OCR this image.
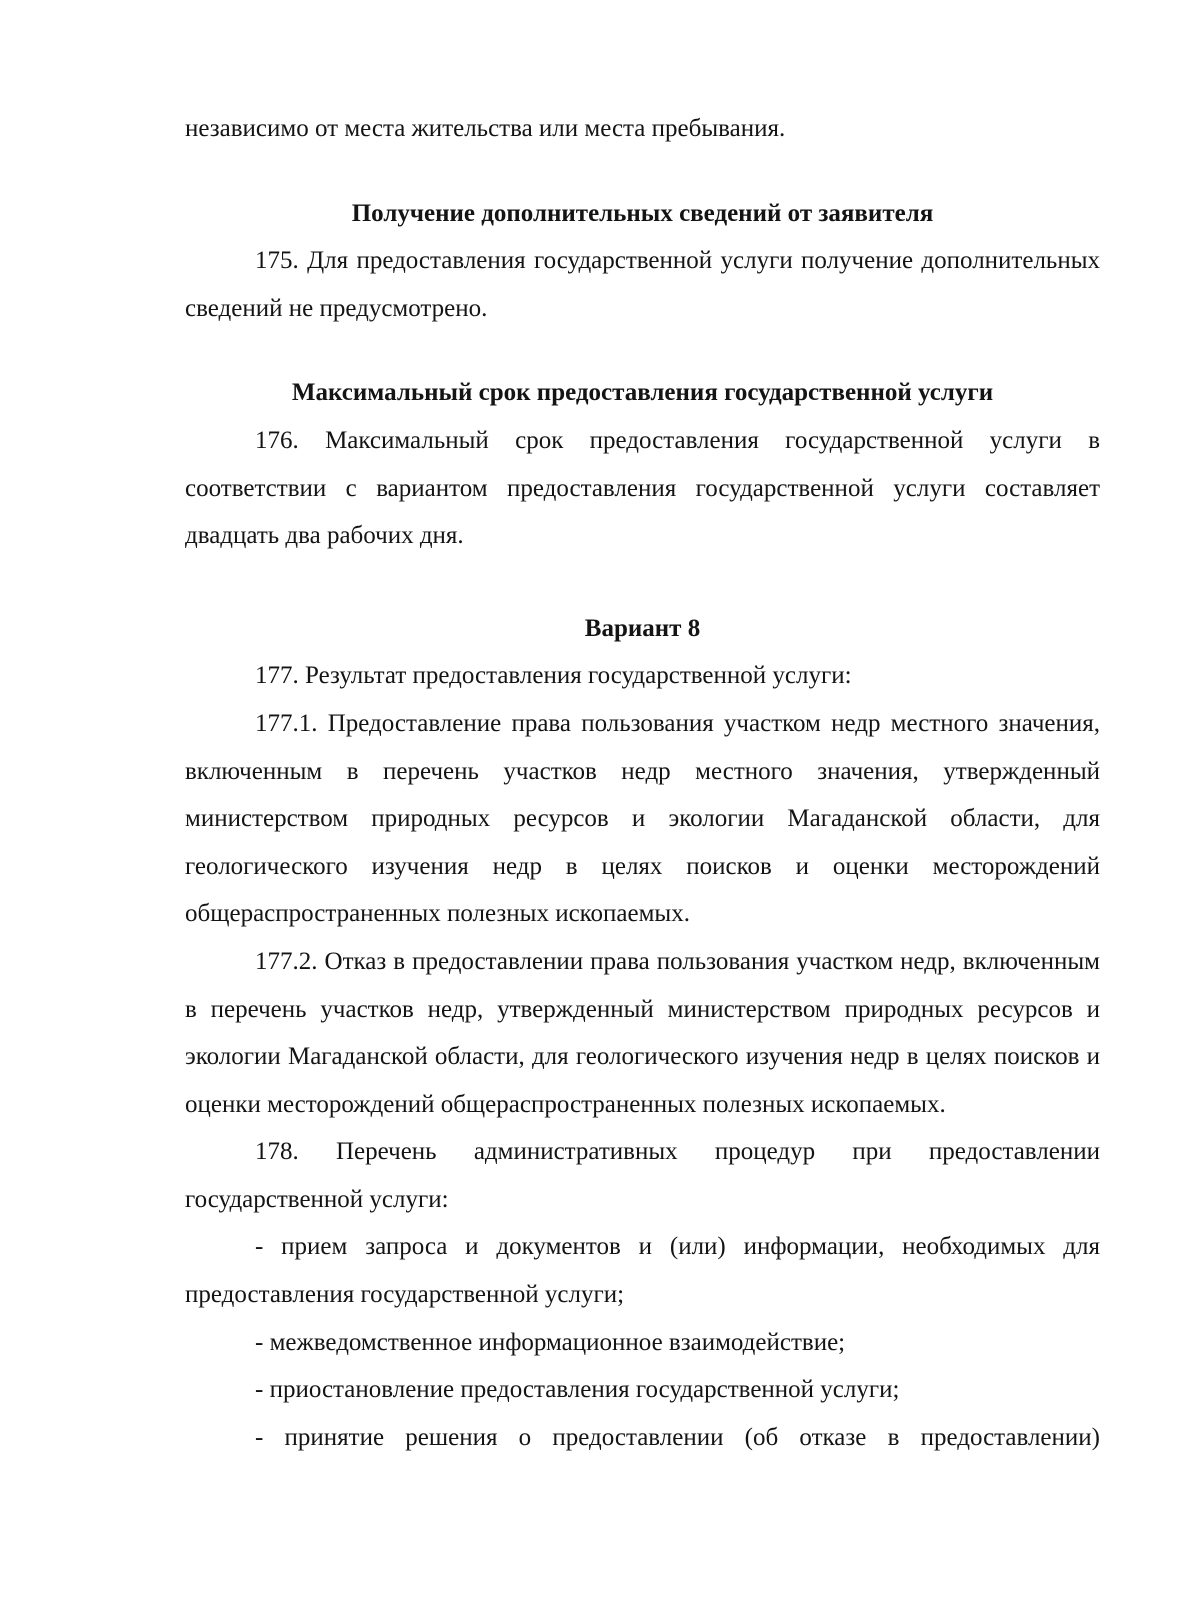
независимо от места жительства или места пребывания.

Получение дополнительных сведений от заявителя

175. Для предоставления государственной услуги получение дополнительных сведений не предусмотрено.

Максимальный срок предоставления государственной услуги

176. Максимальный срок предоставления государственной услуги в соответствии с вариантом предоставления государственной услуги составляет двадцать два рабочих дня.

Вариант 8

177. Результат предоставления государственной услуги:

177.1. Предоставление права пользования участком недр местного значения, включенным в перечень участков недр местного значения, утвержденный министерством природных ресурсов и экологии Магаданской области, для геологического изучения недр в целях поисков и оценки месторождений общераспространенных полезных ископаемых.

177.2. Отказ в предоставлении права пользования участком недр, включенным в перечень участков недр, утвержденный министерством природных ресурсов и экологии Магаданской области, для геологического изучения недр в целях поисков и оценки месторождений общераспространенных полезных ископаемых.

178. Перечень административных процедур при предоставлении государственной услуги:

- прием запроса и документов и (или) информации, необходимых для предоставления государственной услуги;

- межведомственное информационное взаимодействие;

- приостановление предоставления государственной услуги;

- принятие решения о предоставлении (об отказе в предоставлении)
